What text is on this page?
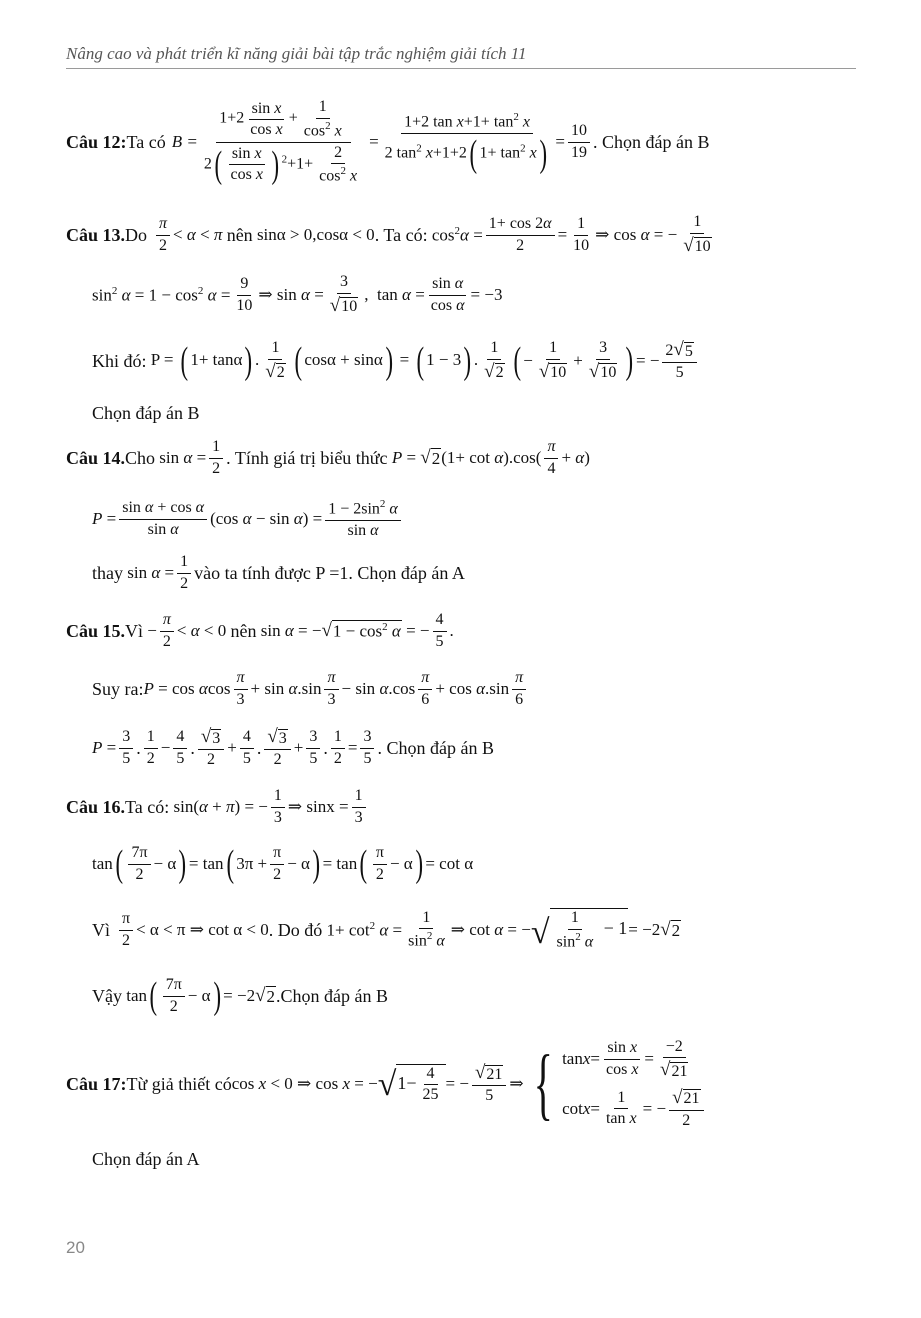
Nâng cao và phát triển kĩ năng giải bài tập trắc nghiệm giải tích 11
Câu 12: Ta có $B = \frac{1+2 \frac{\text{sin x}}{\text{cos x}} + \frac{1}{\cos^2 x}}{2( \frac{\text{sin x}}{\text{cos x}} ) ^2+1+ \frac{2}{\cos^2 x}} = \frac{1+2 \tan x+1+ \tan^2 x}{2 \tan^2 x+1+2( 1+ \tan^2 x)} = \frac{10}{19}$ . Chọn đáp án B
Câu 13. Do
π
2
< α < π nên sinα > 0,cosα < 0 . Ta có: $\cos^2\alpha = \frac{1+ \cos 2\alpha}{2} = \frac{1}{10}$ ⇒ cos α = − $\frac{1}{√ 10}$
$\sin^2 \alpha = 1 - \cos^2 \alpha = \frac{9}{10}$ ⇒ $\sin \alpha = \frac{3}{√ 10}$ ,  $\tan \alpha = \frac{\text{sin α}}{\text{cos α}} = -3$
Khi đó: P = ( 1+ tanα) .
1
√ 2 ( cosα + sinα) = ( 1 − 3) .
1
√ 2 ( − $\frac{1}{√ 10} + \frac{3}{√ 10}$ ) = − $\frac{2 √ 5}{5}$
Chọn đáp án B
Câu 14. Cho $\sin \alpha = \frac{1}{2}$ . Tính giá trị biểu thức P = √ 2 (1+ cot α).cos(
π
4
+ α)
$P = \frac{\text{sin α + cos α}}{\text{sin α}} (\cos$ $\alpha - \sin \alpha) = \frac{1 - 2\sin^2 \alpha}{\text{sin α}}$
thay $\sin \alpha = \frac{1}{2}$ vào ta tính được P =1. Chọn đáp án A
Câu 15. Vì − $\frac{\pi}{2} < \alpha < 0$ nên sin α = − √ $1 - \cos^2 \alpha$ = − $\frac{4}{5}$ .
Suy ra: P = cos αcos
π
3
+ sin α.sin
π
3
− sin α.cos
π
6
+ cos α.sin
π
6
$P = \frac{3}{5}$ .
1
2
− $\frac{4}{5}$ .
√ 3
2
+ $\frac{4}{5}$ .
√ 3
2
+ $\frac{3}{5}$ . $\frac{1}{2} = \frac{3}{5}$ . Chọn đáp án B
Câu 16. Ta có: sin(α + π) = − $\frac{1}{3}$ ⇒ $\sin x = \frac{1}{3}$
tan ( 7π
2
− α ) = tan ( $3\pi + \frac{\pi}{2} - \alpha$ ) = tan ( π
2
− α ) = cot α
Vì
π
2
< α < π ⇒ cot α < 0 . Do đó $1+ \cot^2 \alpha = \frac{1}{\sin^2 \alpha}$ ⇒ cot α = − √ $\frac{1}{\sin^2 \alpha} - 1 = -2$ √ 2
Vậy tan ( 7π
2
− α ) = −2 √ 2 .Chọn đáp án B
Câu 17: Từ giả thiết có cos x < 0 ⇒ cos x = − √ $1- \frac{4}{25}$ = − $\frac{√ 21}{5}$ ⇒ { tan x =
sin x
cos x
=
−2
√ 21
cot x =
1
tan x
= −
√ 21
2
Chọn đáp án A
20
